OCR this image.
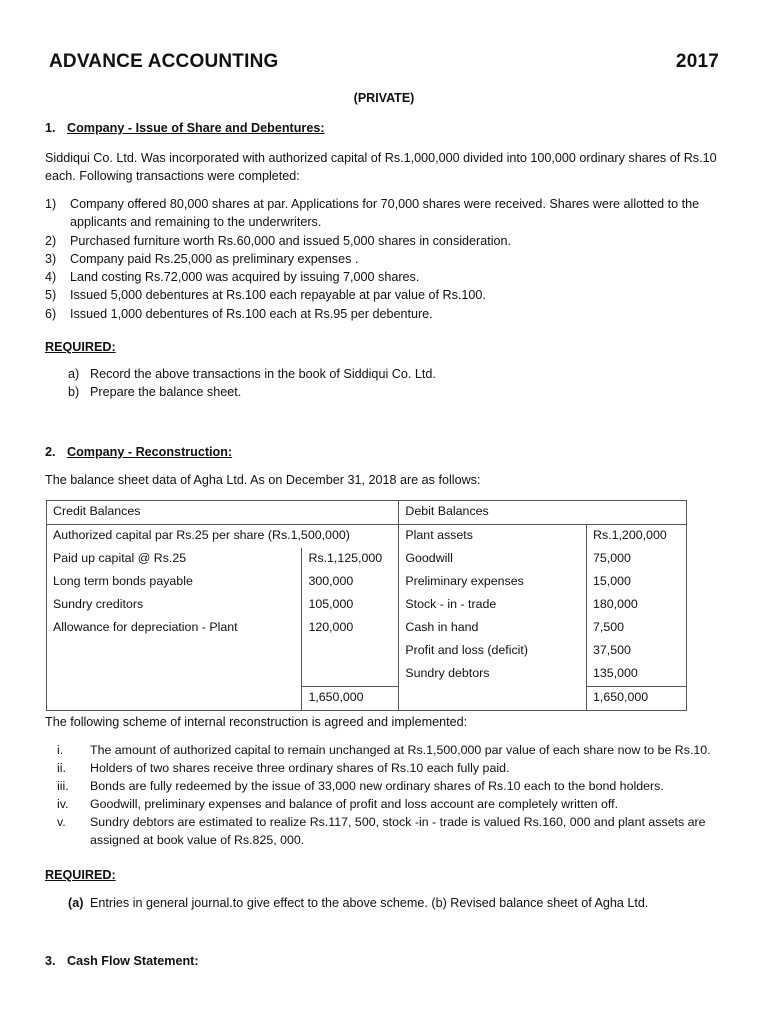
ADVANCE ACCOUNTING	2017
(PRIVATE)
1. Company - Issue of Share and Debentures:
Siddiqui Co. Ltd. Was incorporated with authorized capital of Rs.1,000,000 divided into 100,000 ordinary shares of Rs.10
each. Following transactions were completed:
1)	Company offered 80,000 shares at par. Applications for 70,000 shares were received. Shares were allotted to the
applicants and remaining to the underwriters.
2)	Purchased furniture worth Rs.60,000 and issued 5,000 shares in consideration.
3)	Company paid Rs.25,000 as preliminary expenses .
4)	Land costing Rs.72,000 was acquired by issuing 7,000 shares.
5)	Issued 5,000 debentures at Rs.100 each repayable at par value of Rs.100.
6)	Issued 1,000 debentures of Rs.100 each at Rs.95 per debenture.
REQUIRED:
a) Record the above transactions in the book of Siddiqui Co. Ltd.
b) Prepare the balance sheet.
2. Company - Reconstruction:
The balance sheet data of Agha Ltd. As on December 31, 2018 are as follows:
Credit Balances		Debit Balances	
Authorized capital par Rs.25 per share (Rs.1,500,000)		Plant assets	Rs.1,200,000
Paid up capital @ Rs.25	Rs.1,125,000	Goodwill	75,000
Long term bonds payable	300,000	Preliminary expenses	15,000
Sundry creditors	105,000	Stock - in - trade	180,000
Allowance for depreciation - Plant	120,000	Cash in hand	7,500
		Profit and loss (deficit)	37,500
		Sundry debtors	135,000
	1,650,000		1,650,000
The following scheme of internal reconstruction is agreed and implemented:
i.	The amount of authorized capital to remain unchanged at Rs.1,500,000 par value of each share now to be Rs.10.
ii.	Holders of two shares receive three ordinary shares of Rs.10 each fully paid.
iii.	Bonds are fully redeemed by the issue of 33,000 new ordinary shares of Rs.10 each to the bond holders.
iv.	Goodwill, preliminary expenses and balance of profit and loss account are completely written off.
v.	Sundry debtors are estimated to realize Rs.117, 500, stock -in - trade is valued Rs.160, 000 and plant assets are
assigned at book value of Rs.825, 000.
REQUIRED:
(a) Entries in general journal.to give effect to the above scheme. (b) Revised balance sheet of Agha Ltd.
3. Cash Flow Statement:
